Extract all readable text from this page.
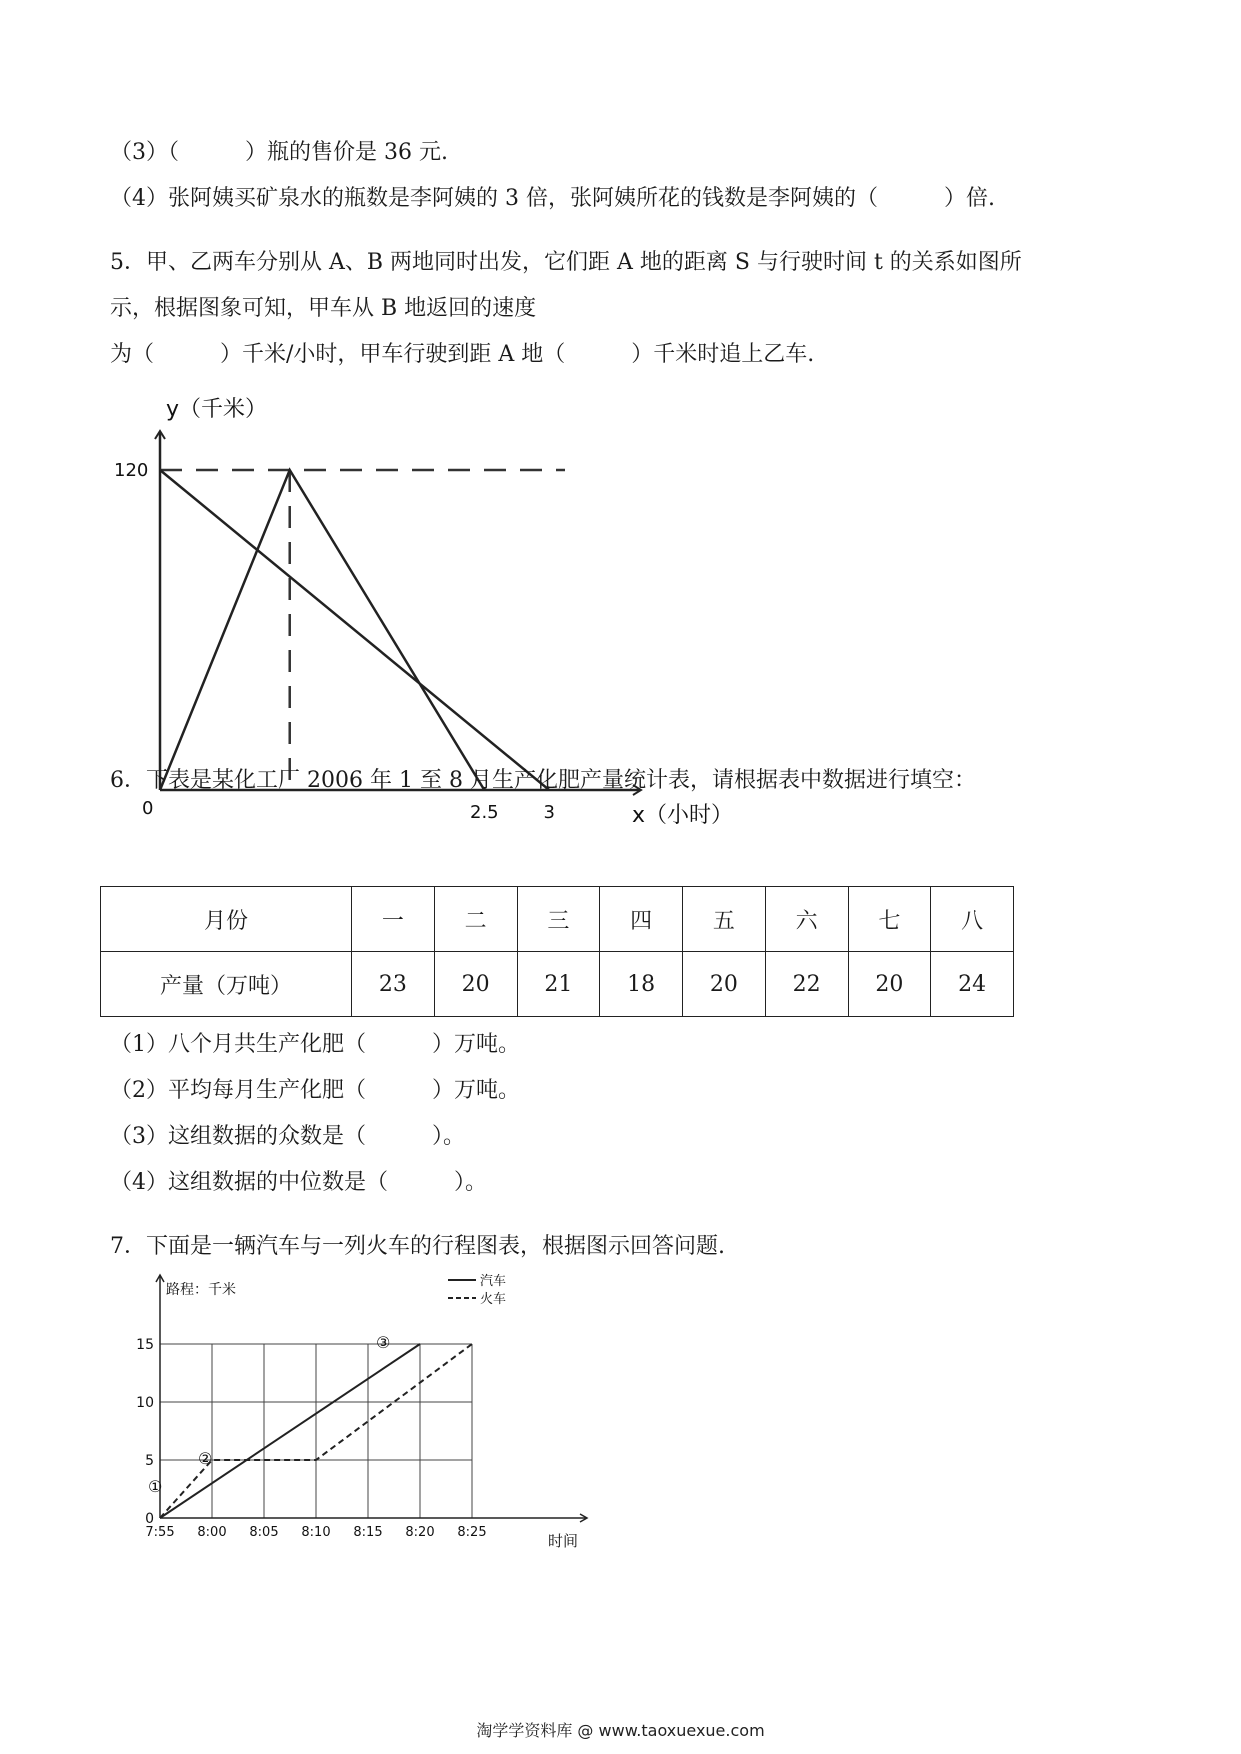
（3）（　　　）瓶的售价是 36 元.
（4）张阿姨买矿泉水的瓶数是李阿姨的 3 倍，张阿姨所花的钱数是李阿姨的（　　　）倍.
5．甲、乙两车分别从 A、B 两地同时出发，它们距 A 地的距离 S 与行驶时间 t 的关系如图所
示，根据图象可知，甲车从 B 地返回的速度
为（　　　）千米/小时，甲车行驶到距 A 地（　　　）千米时追上乙车.
y（千米）
x（小时）
0
120
2.5 3
6．下表是某化工厂 2006 年 1 至 8 月生产化肥产量统计表，请根据表中数据进行填空：
月份	一	二	三	四	五	六	七	八
产量（万吨）	23	20	21	18	20	22	20	24
（1）八个月共生产化肥（　　　）万吨。
（2）平均每月生产化肥（　　　）万吨。
（3）这组数据的众数是（　　　）。
（4）这组数据的中位数是（　　　）。
7．下面是一辆汽车与一列火车的行程图表，根据图示回答问题.
路程：千米
时间
0
5
10
15
7:55 8:00 8:05 8:10 8:15 8:20 8:25
汽车
火车
①
②
③
淘学学资料库 @ www.taoxuexue.com
